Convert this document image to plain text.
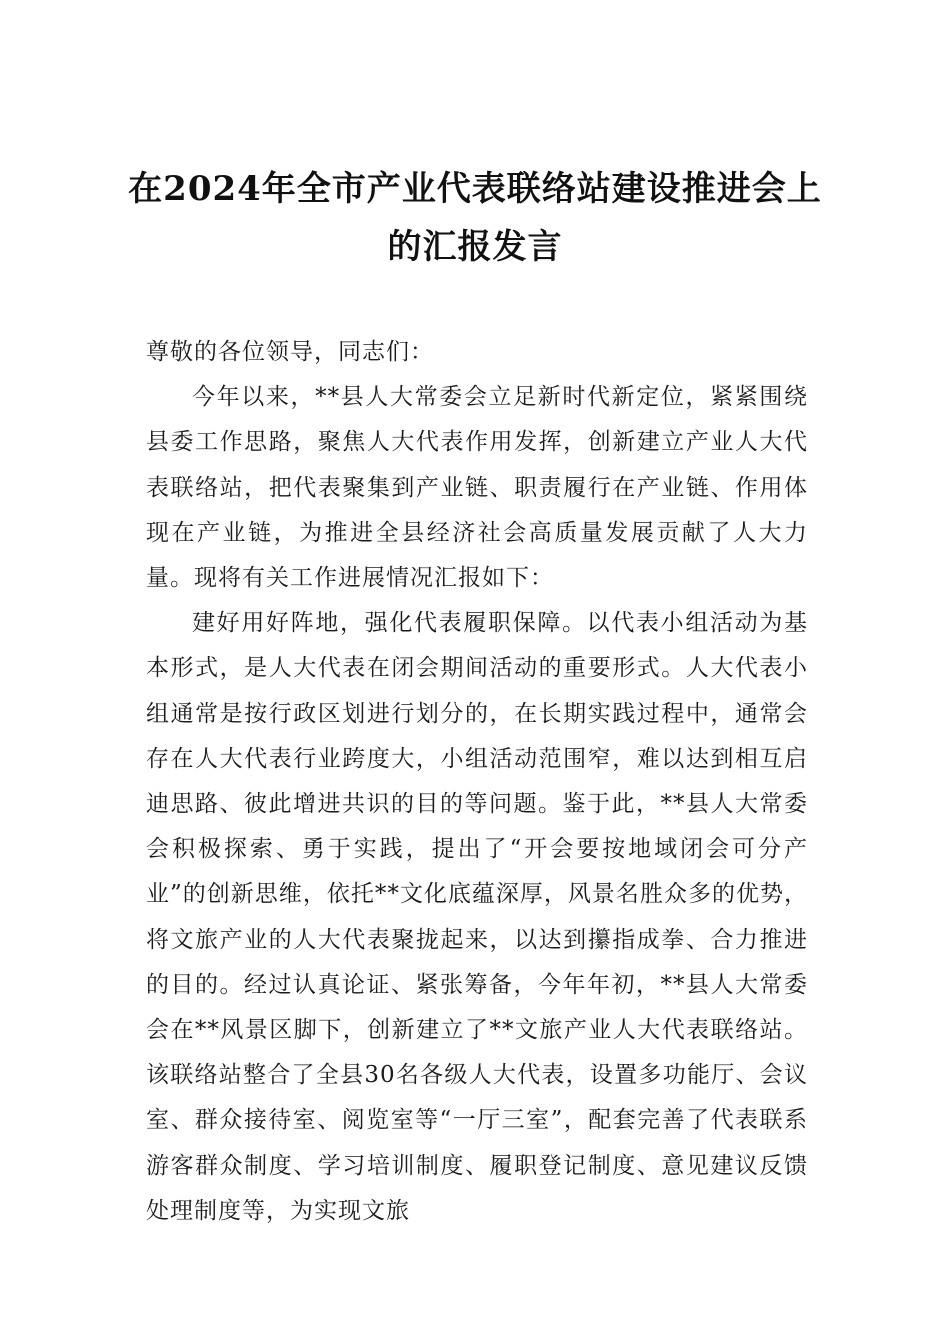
在2024年全市产业代表联络站建设推进会上的汇报发言

尊敬的各位领导，同志们：

今年以来，**县人大常委会立足新时代新定位，紧紧围绕县委工作思路，聚焦人大代表作用发挥，创新建立产业人大代表联络站，把代表聚集到产业链、职责履行在产业链、作用体现在产业链，为推进全县经济社会高质量发展贡献了人大力量。现将有关工作进展情况汇报如下：

建好用好阵地，强化代表履职保障。以代表小组活动为基本形式，是人大代表在闭会期间活动的重要形式。人大代表小组通常是按行政区划进行划分的，在长期实践过程中，通常会存在人大代表行业跨度大，小组活动范围窄，难以达到相互启迪思路、彼此增进共识的目的等问题。鉴于此，**县人大常委会积极探索、勇于实践，提出了“开会要按地域闭会可分产业”的创新思维，依托**文化底蕴深厚，风景名胜众多的优势，将文旅产业的人大代表聚拢起来，以达到攥指成拳、合力推进的目的。经过认真论证、紧张筹备，今年年初，**县人大常委会在**风景区脚下，创新建立了**文旅产业人大代表联络站。该联络站整合了全县30名各级人大代表，设置多功能厅、会议室、群众接待室、阅览室等“一厅三室”，配套完善了代表联系游客群众制度、学习培训制度、履职登记制度、意见建议反馈处理制度等，为实现文旅
